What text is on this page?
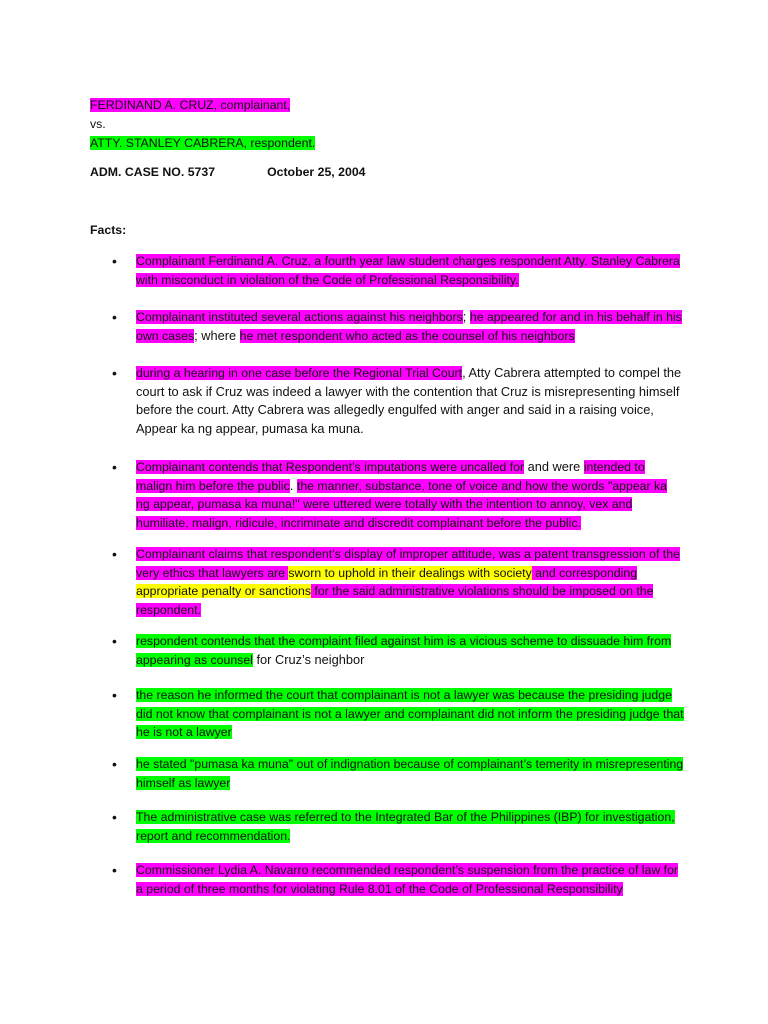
FERDINAND A. CRUZ, complainant,
vs.
ATTY. STANLEY CABRERA, respondent.
ADM. CASE NO. 5737	October 25, 2004
Facts:
• Complainant Ferdinand A. Cruz, a fourth year law student charges respondent Atty. Stanley Cabrera with misconduct in violation of the Code of Professional Responsibility.
• Complainant instituted several actions against his neighbors; he appeared for and in his behalf in his own cases; where he met respondent who acted as the counsel of his neighbors
• during a hearing in one case before the Regional Trial Court, Atty Cabrera attempted to compel the court to ask if Cruz was indeed a lawyer with the contention that Cruz is misrepresenting himself before the court. Atty Cabrera was allegedly engulfed with anger and said in a raising voice, Appear ka ng appear, pumasa ka muna.
• Complainant contends that Respondent’s imputations were uncalled for and were intended to malign him before the public. the manner, substance, tone of voice and how the words "appear ka ng appear, pumasa ka muna!" were uttered were totally with the intention to annoy, vex and humiliate, malign, ridicule, incriminate and discredit complainant before the public.
• Complainant claims that respondent’s display of improper attitude, was a patent transgression of the very ethics that lawyers are sworn to uphold in their dealings with society and corresponding appropriate penalty or sanctions for the said administrative violations should be imposed on the respondent.
• respondent contends that the complaint filed against him is a vicious scheme to dissuade him from appearing as counsel for Cruz’s neighbor
• the reason he informed the court that complainant is not a lawyer was because the presiding judge did not know that complainant is not a lawyer and complainant did not inform the presiding judge that he is not a lawyer
• he stated "pumasa ka muna" out of indignation because of complainant’s temerity in misrepresenting himself as lawyer
• The administrative case was referred to the Integrated Bar of the Philippines (IBP) for investigation, report and recommendation.
• Commissioner Lydia A. Navarro recommended respondent’s suspension from the practice of law for a period of three months for violating Rule 8.01 of the Code of Professional Responsibility
